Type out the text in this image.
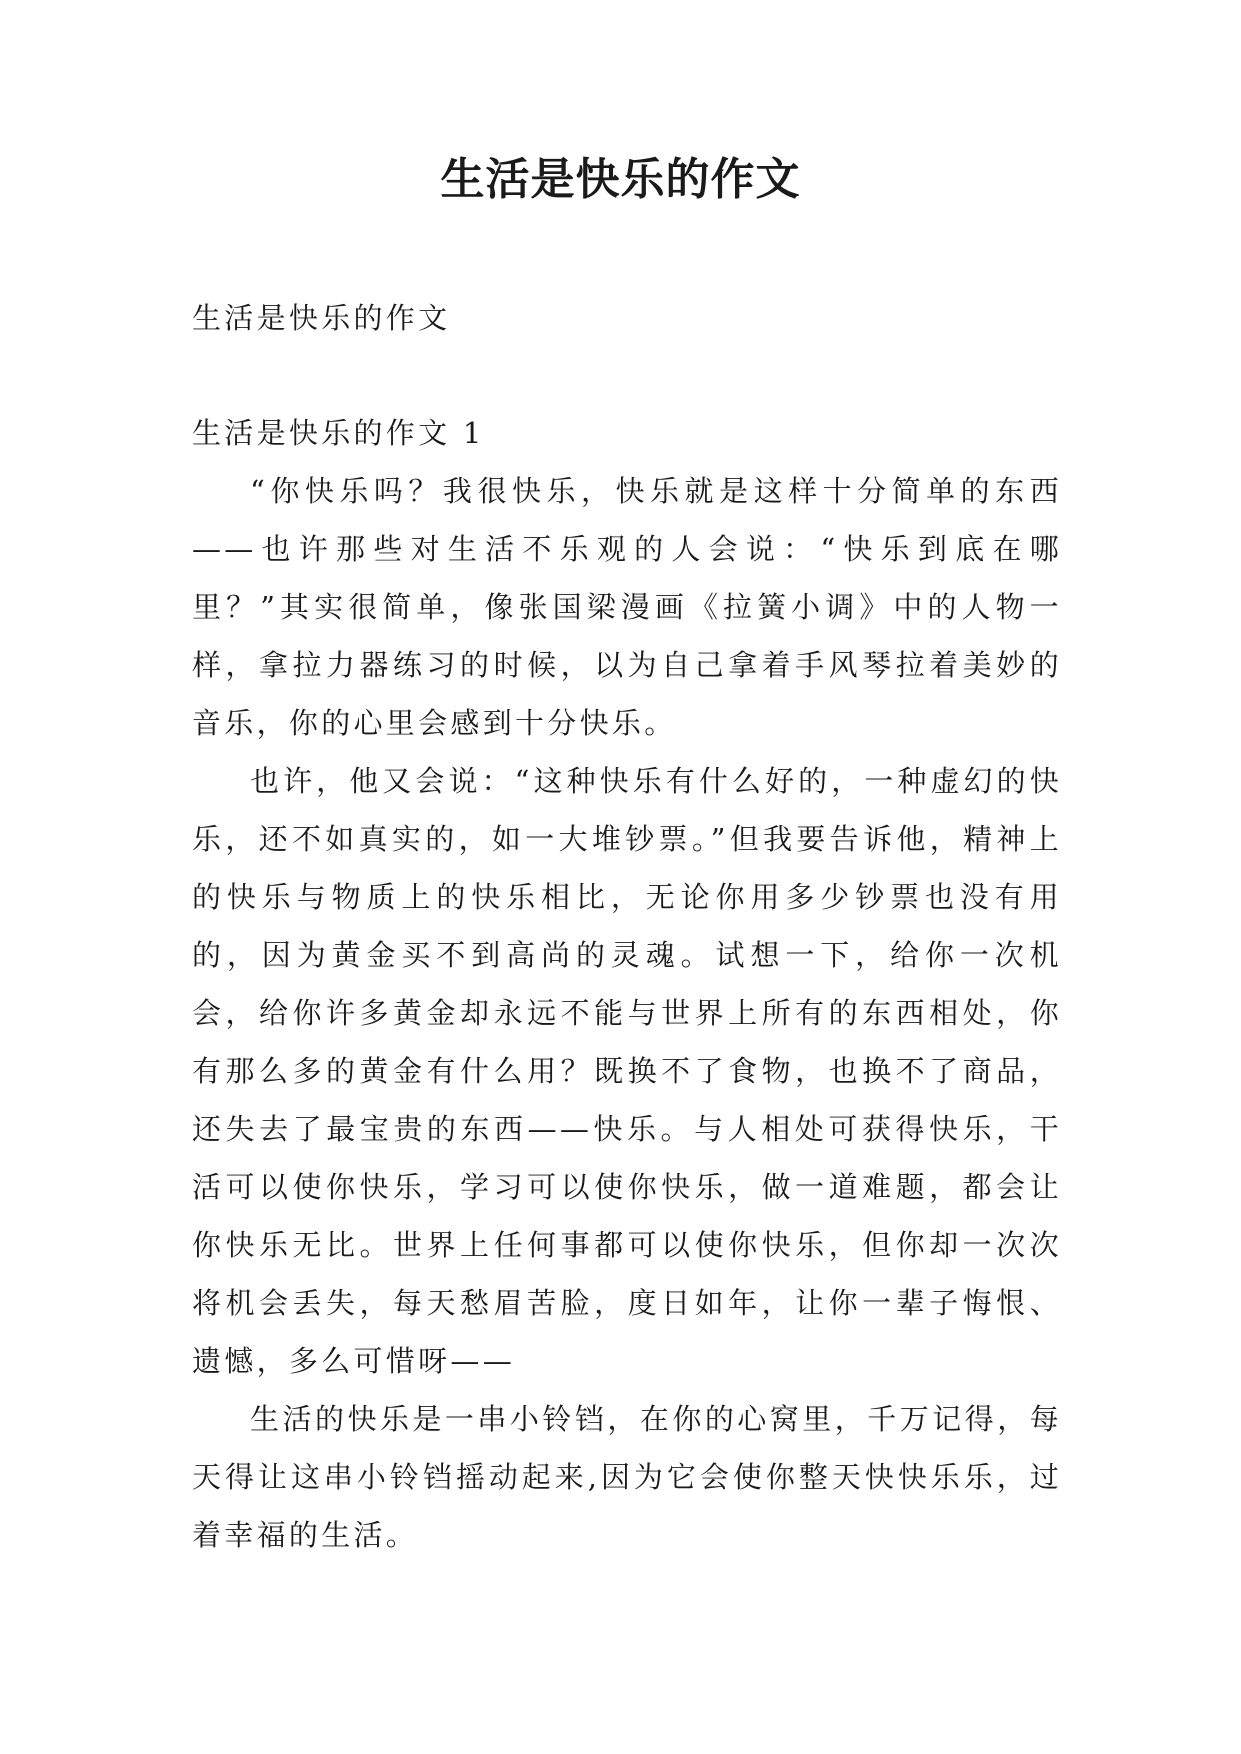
生活是快乐的作文

生活是快乐的作文

生活是快乐的作文 1

“你快乐吗？我很快乐，快乐就是这样十分简单的东西——也许那些对生活不乐观的人会说：“快乐到底在哪里？”其实很简单，像张国梁漫画《拉簧小调》中的人物一样，拿拉力器练习的时候，以为自己拿着手风琴拉着美妙的音乐，你的心里会感到十分快乐。

也许，他又会说：“这种快乐有什么好的，一种虚幻的快乐，还不如真实的，如一大堆钞票。”但我要告诉他，精神上的快乐与物质上的快乐相比，无论你用多少钞票也没有用的，因为黄金买不到高尚的灵魂。试想一下，给你一次机会，给你许多黄金却永远不能与世界上所有的东西相处，你有那么多的黄金有什么用？既换不了食物，也换不了商品，还失去了最宝贵的东西——快乐。与人相处可获得快乐，干活可以使你快乐，学习可以使你快乐，做一道难题，都会让你快乐无比。世界上任何事都可以使你快乐，但你却一次次将机会丢失，每天愁眉苦脸，度日如年，让你一辈子悔恨、遗憾，多么可惜呀——

生活的快乐是一串小铃铛，在你的心窝里，千万记得，每天得让这串小铃铛摇动起来,因为它会使你整天快快乐乐，过着幸福的生活。
